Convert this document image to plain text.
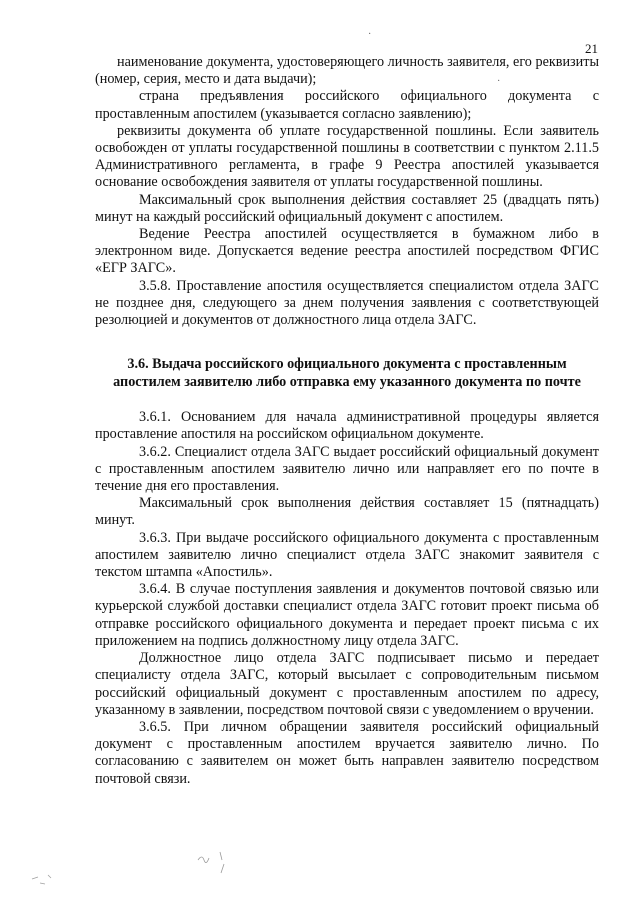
21
·
·

наименование документа, удостоверяющего личность заявителя, его реквизиты (номер, серия, место и дата выдачи);

страна предъявления российского официального документа с проставленным апостилем (указывается согласно заявлению);

реквизиты документа об уплате государственной пошлины. Если заявитель освобожден от уплаты государственной пошлины в соответствии с пунктом 2.11.5 Административного регламента, в графе 9 Реестра апостилей указывается основание освобождения заявителя от уплаты государственной пошлины.

Максимальный срок выполнения действия составляет 25 (двадцать пять) минут на каждый российский официальный документ с апостилем.

Ведение Реестра апостилей осуществляется в бумажном либо в электронном виде. Допускается ведение реестра апостилей посредством ФГИС «ЕГР ЗАГС».

3.5.8. Проставление апостиля осуществляется специалистом отдела ЗАГС не позднее дня, следующего за днем получения заявления с соответствующей резолюцией и документов от должностного лица отдела ЗАГС.

3.6. Выдача российского официального документа с проставленным апостилем заявителю либо отправка ему указанного документа по почте

3.6.1. Основанием для начала административной процедуры является проставление апостиля на российском официальном документе.

3.6.2. Специалист отдела ЗАГС выдает российский официальный документ с проставленным апостилем заявителю лично или направляет его по почте в течение дня его проставления.

Максимальный срок выполнения действия составляет 15 (пятнадцать) минут.

3.6.3. При выдаче российского официального документа с проставленным апостилем заявителю лично специалист отдела ЗАГС знакомит заявителя с текстом штампа «Апостиль».

3.6.4. В случае поступления заявления и документов почтовой связью или курьерской службой доставки специалист отдела ЗАГС готовит проект письма об отправке российского официального документа и передает проект письма с их приложением на подпись должностному лицу отдела ЗАГС.

Должностное лицо отдела ЗАГС подписывает письмо и передает специалисту отдела ЗАГС, который высылает с сопроводительным письмом российский официальный документ с проставленным апостилем по адресу, указанному в заявлении, посредством почтовой связи с уведомлением о вручении.

3.6.5. При личном обращении заявителя российский официальный документ с проставленным апостилем вручается заявителю лично. По согласованию с заявителем он может быть направлен заявителю посредством почтовой связи.
